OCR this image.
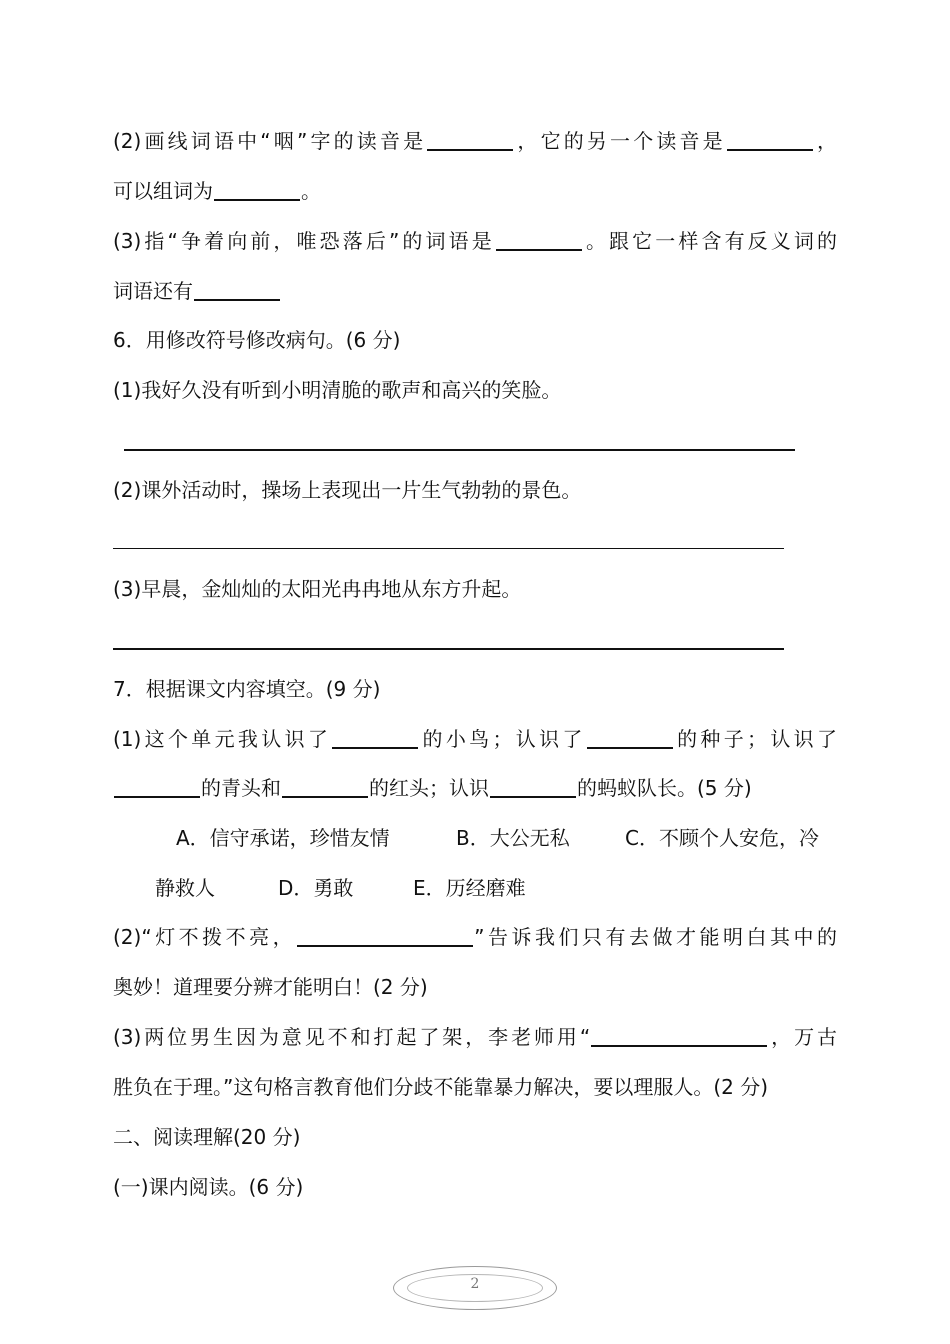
(2)画线词语中“咽”字的读音是	，它的另一个读音是	，
可以组词为	。
(3)指“争着向前，唯恐落后”的词语是	。跟它一样含有反义词的
词语还有
6．用修改符号修改病句。(6 分)
(1)我好久没有听到小明清脆的歌声和高兴的笑脸。
(2)课外活动时，操场上表现出一片生气勃勃的景色。
(3)早晨，金灿灿的太阳光冉冉地从东方升起。
7．根据课文内容填空。(9 分)
(1)这个单元我认识了	的小鸟；认识了	的种子；认识了
的青头和	的红头；认识	的蚂蚁队长。(5 分)
A．信守承诺，珍惜友情	B．大公无私	C．不顾个人安危，冷
静救人	D．勇敢	E．历经磨难
(2)“灯不拨不亮，	”告诉我们只有去做才能明白其中的
奥妙！道理要分辨才能明白！(2 分)
(3)两位男生因为意见不和打起了架，李老师用“	，万古
胜负在于理。”这句格言教育他们分歧不能靠暴力解决，要以理服人。(2 分)
二、阅读理解(20 分)
(一)课内阅读。(6 分)
2
